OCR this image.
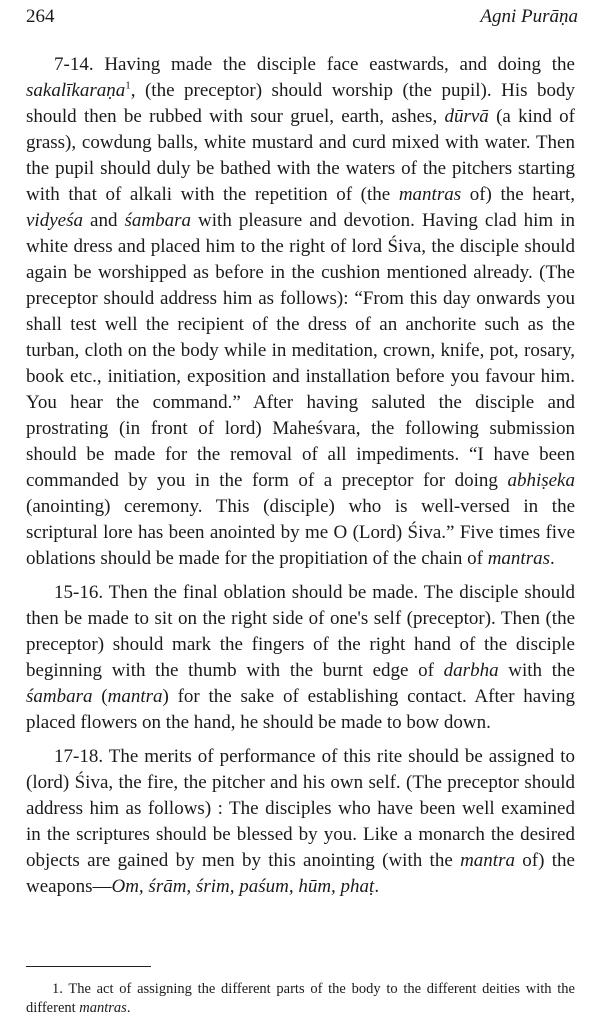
264	Agni Purāṇa

7-14. Having made the disciple face eastwards, and doing the sakalīkaraṇa$^1$, (the preceptor) should worship (the pupil). His body should then be rubbed with sour gruel, earth, ashes, dūrvā (a kind of grass), cowdung balls, white mustard and curd mixed with water. Then the pupil should duly be bathed with the waters of the pitchers starting with that of alkali with the repetition of (the mantras of) the heart, vidyeśa and śambara with pleasure and devotion. Having clad him in white dress and placed him to the right of lord Śiva, the disciple should again be worshipped as before in the cushion mentioned already. (The preceptor should address him as follows): “From this day onwards you shall test well the recipient of the dress of an anchorite such as the turban, cloth on the body while in meditation, crown, knife, pot, rosary, book etc., initiation, exposition and installation before you favour him. You hear the command.” After having saluted the disciple and prostrating (in front of lord) Maheśvara, the following submission should be made for the removal of all impediments. “I have been commanded by you in the form of a preceptor for doing abhiṣeka (anointing) ceremony. This (disciple) who is well-versed in the scriptural lore has been anointed by me O (Lord) Śiva.” Five times five oblations should be made for the propitiation of the chain of mantras.

15-16. Then the final oblation should be made. The disciple should then be made to sit on the right side of one's self (preceptor). Then (the preceptor) should mark the fingers of the right hand of the disciple beginning with the thumb with the burnt edge of darbha with the śambara (mantra) for the sake of establishing contact. After having placed flowers on the hand, he should be made to bow down.

17-18. The merits of performance of this rite should be assigned to (lord) Śiva, the fire, the pitcher and his own self. (The preceptor should address him as follows) : The disciples who have been well examined in the scriptures should be blessed by you. Like a monarch the desired objects are gained by men by this anointing (with the mantra of) the weapons—Om, śrām, śrim, paśum, hūm, phaṭ.

1. The act of assigning the different parts of the body to the different deities with the different mantras.
